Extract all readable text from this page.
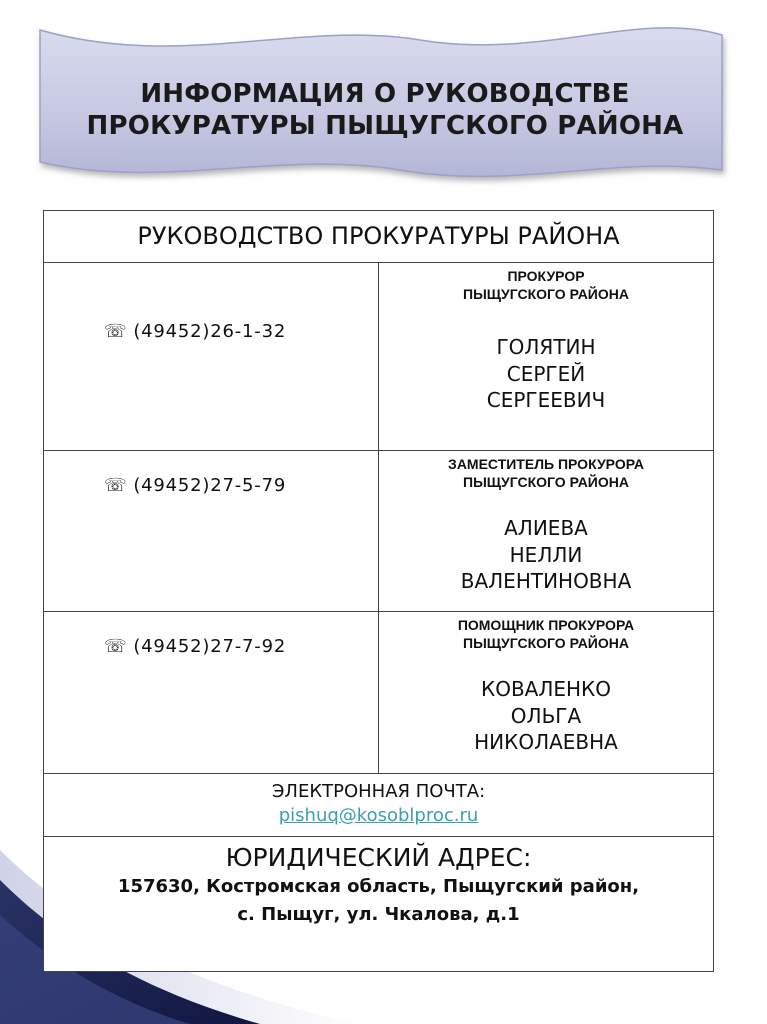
ИНФОРМАЦИЯ О РУКОВОДСТВЕ
ПРОКУРАТУРЫ ПЫЩУГСКОГО РАЙОНА
РУКОВОДСТВО ПРОКУРАТУРЫ РАЙОНА
☏ (49452)26-1-32
ПРОКУРОР
ПЫЩУГСКОГО РАЙОНА
ГОЛЯТИН
СЕРГЕЙ
СЕРГЕЕВИЧ
☏ (49452)27-5-79
ЗАМЕСТИТЕЛЬ ПРОКУРОРА
ПЫЩУГСКОГО РАЙОНА
АЛИЕВА
НЕЛЛИ
ВАЛЕНТИНОВНА
☏ (49452)27-7-92
ПОМОЩНИК ПРОКУРОРА
ПЫЩУГСКОГО РАЙОНА
КОВАЛЕНКО
ОЛЬГА
НИКОЛАЕВНА
ЭЛЕКТРОННАЯ ПОЧТА:
pishuq@kosoblproc.ru
ЮРИДИЧЕСКИЙ АДРЕС:
157630, Костромская область, Пыщугский район,
с. Пыщуг, ул. Чкалова, д.1
